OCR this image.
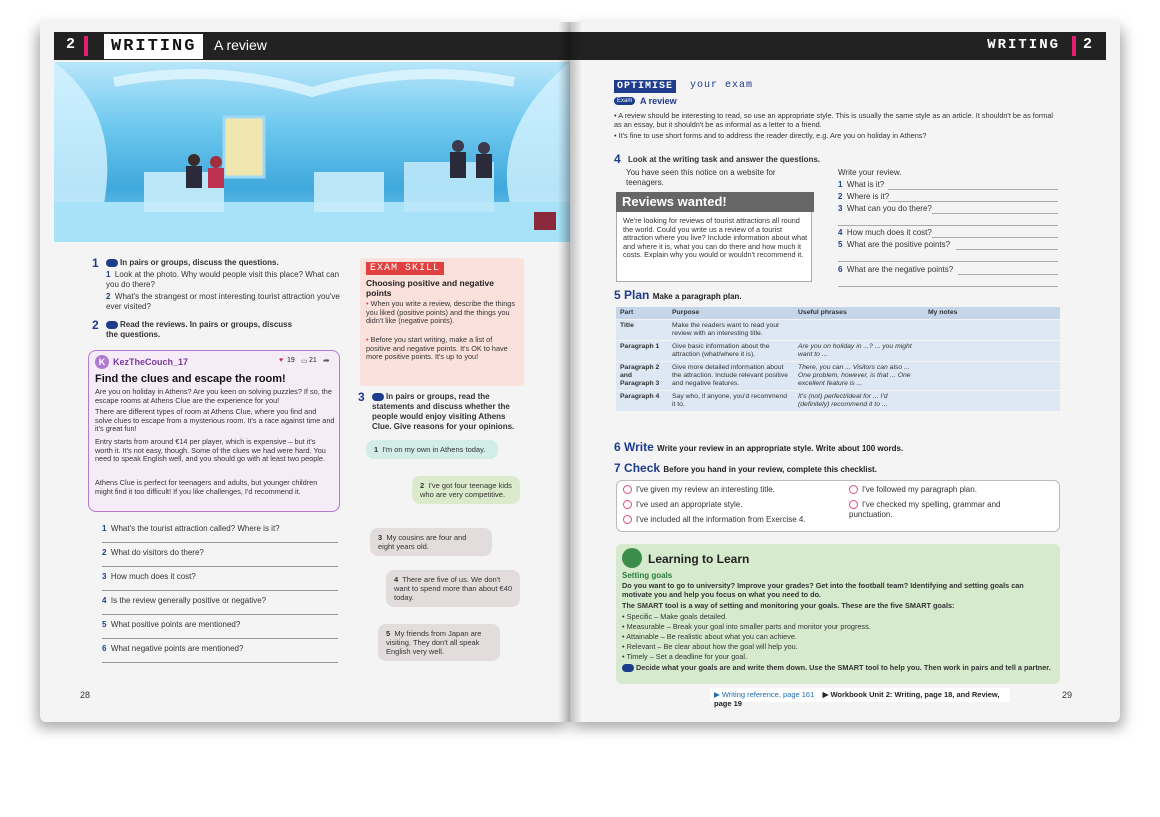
2	WRITING	A review
1	In pairs or groups, discuss the questions.
1 Look at the photo. Why would people visit this place? What can you do there?
2 What's the strangest or most interesting tourist attraction you've ever visited?
2	Read the reviews. In pairs or groups, discuss the questions.
K KezTheCouch_17	♥ 19 ▭ 21 ➦
Find the clues and escape the room!
Are you on holiday in Athens? Are you keen on solving puzzles? If so, the escape rooms at Athens Clue are the experience for you!
There are different types of room at Athens Clue, where you find and solve clues to escape from a mysterious room. It's a race against time and it's great fun!
Entry starts from around €14 per player, which is expensive – but it's worth it. It's not easy, though. Some of the clues we had were hard. You need to speak English well, and you should go with at least two people.
Athens Clue is perfect for teenagers and adults, but younger children might find it too difficult! If you like challenges, I'd recommend it.
1 What's the tourist attraction called? Where is it?
2 What do visitors do there?
3 How much does it cost?
4 Is the review generally positive or negative?
5 What positive points are mentioned?
6 What negative points are mentioned?
EXAM SKILL
Choosing positive and negative points
• When you write a review, describe the things you liked (positive points) and the things you didn't like (negative points).
• Before you start writing, make a list of positive and negative points. It's OK to have more positive points. It's up to you!
3	In pairs or groups, read the statements and discuss whether the people would enjoy visiting Athens Clue. Give reasons for your opinions.
1 I'm on my own in Athens today.
2 I've got four teenage kids who are very competitive.
3 My cousins are four and eight years old.
4 There are five of us. We don't want to spend more than about €40 today.
5 My friends from Japan are visiting. They don't all speak English very well.
28
WRITING 2
OPTIMISE	your exam
Exam A review
• A review should be interesting to read, so use an appropriate style. This is usually the same style as an article. It shouldn't be as formal as an essay, but it shouldn't be as informal as a letter to a friend.
• It's fine to use short forms and to address the reader directly, e.g. Are you on holiday in Athens?
4 Look at the writing task and answer the questions.
You have seen this notice on a website for teenagers.
Reviews wanted!
We're looking for reviews of tourist attractions all round the world. Could you write us a review of a tourist attraction where you live? Include information about what and where it is, what you can do there and how much it costs. Explain why you would or wouldn't recommend it.
Write your review.
1 What is it?
2 Where is it?
3 What can you do there?
4 How much does it cost?
5 What are the positive points?
6 What are the negative points?
5 Plan Make a paragraph plan.
Part	Purpose	Useful phrases	My notes
Title	Make the readers want to read your review with an interesting title.		
Paragraph 1	Give basic information about the attraction (what/where it is).	Are you on holiday in ...? ... you might want to ...	
Paragraph 2 and Paragraph 3	Give more detailed information about the attraction. Include relevant positive and negative features.	There, you can ... Visitors can also ... One problem, however, is that ... One excellent feature is ...	
Paragraph 4	Say who, if anyone, you'd recommend it to.	It's (not) perfect/ideal for ... I'd (definitely) recommend it to ...	
6 Write Write your review in an appropriate style. Write about 100 words.
7 Check Before you hand in your review, complete this checklist.
I've given my review an interesting title.
I've used an appropriate style.
I've included all the information from Exercise 4.
I've followed my paragraph plan.
I've checked my spelling, grammar and punctuation.
Learning to Learn
Setting goals
Do you want to go to university? Improve your grades? Get into the football team? Identifying and setting goals can motivate you and help you focus on what you need to do.
The SMART tool is a way of setting and monitoring your goals. These are the five SMART goals:
• Specific – Make goals detailed.
• Measurable – Break your goal into smaller parts and monitor your progress.
• Attainable – Be realistic about what you can achieve.
• Relevant – Be clear about how the goal will help you.
• Timely – Set a deadline for your goal.
Decide what your goals are and write them down. Use the SMART tool to help you. Then work in pairs and tell a partner.
▶ Writing reference, page 161 ▶ Workbook Unit 2: Writing, page 18, and Review, page 19
29
